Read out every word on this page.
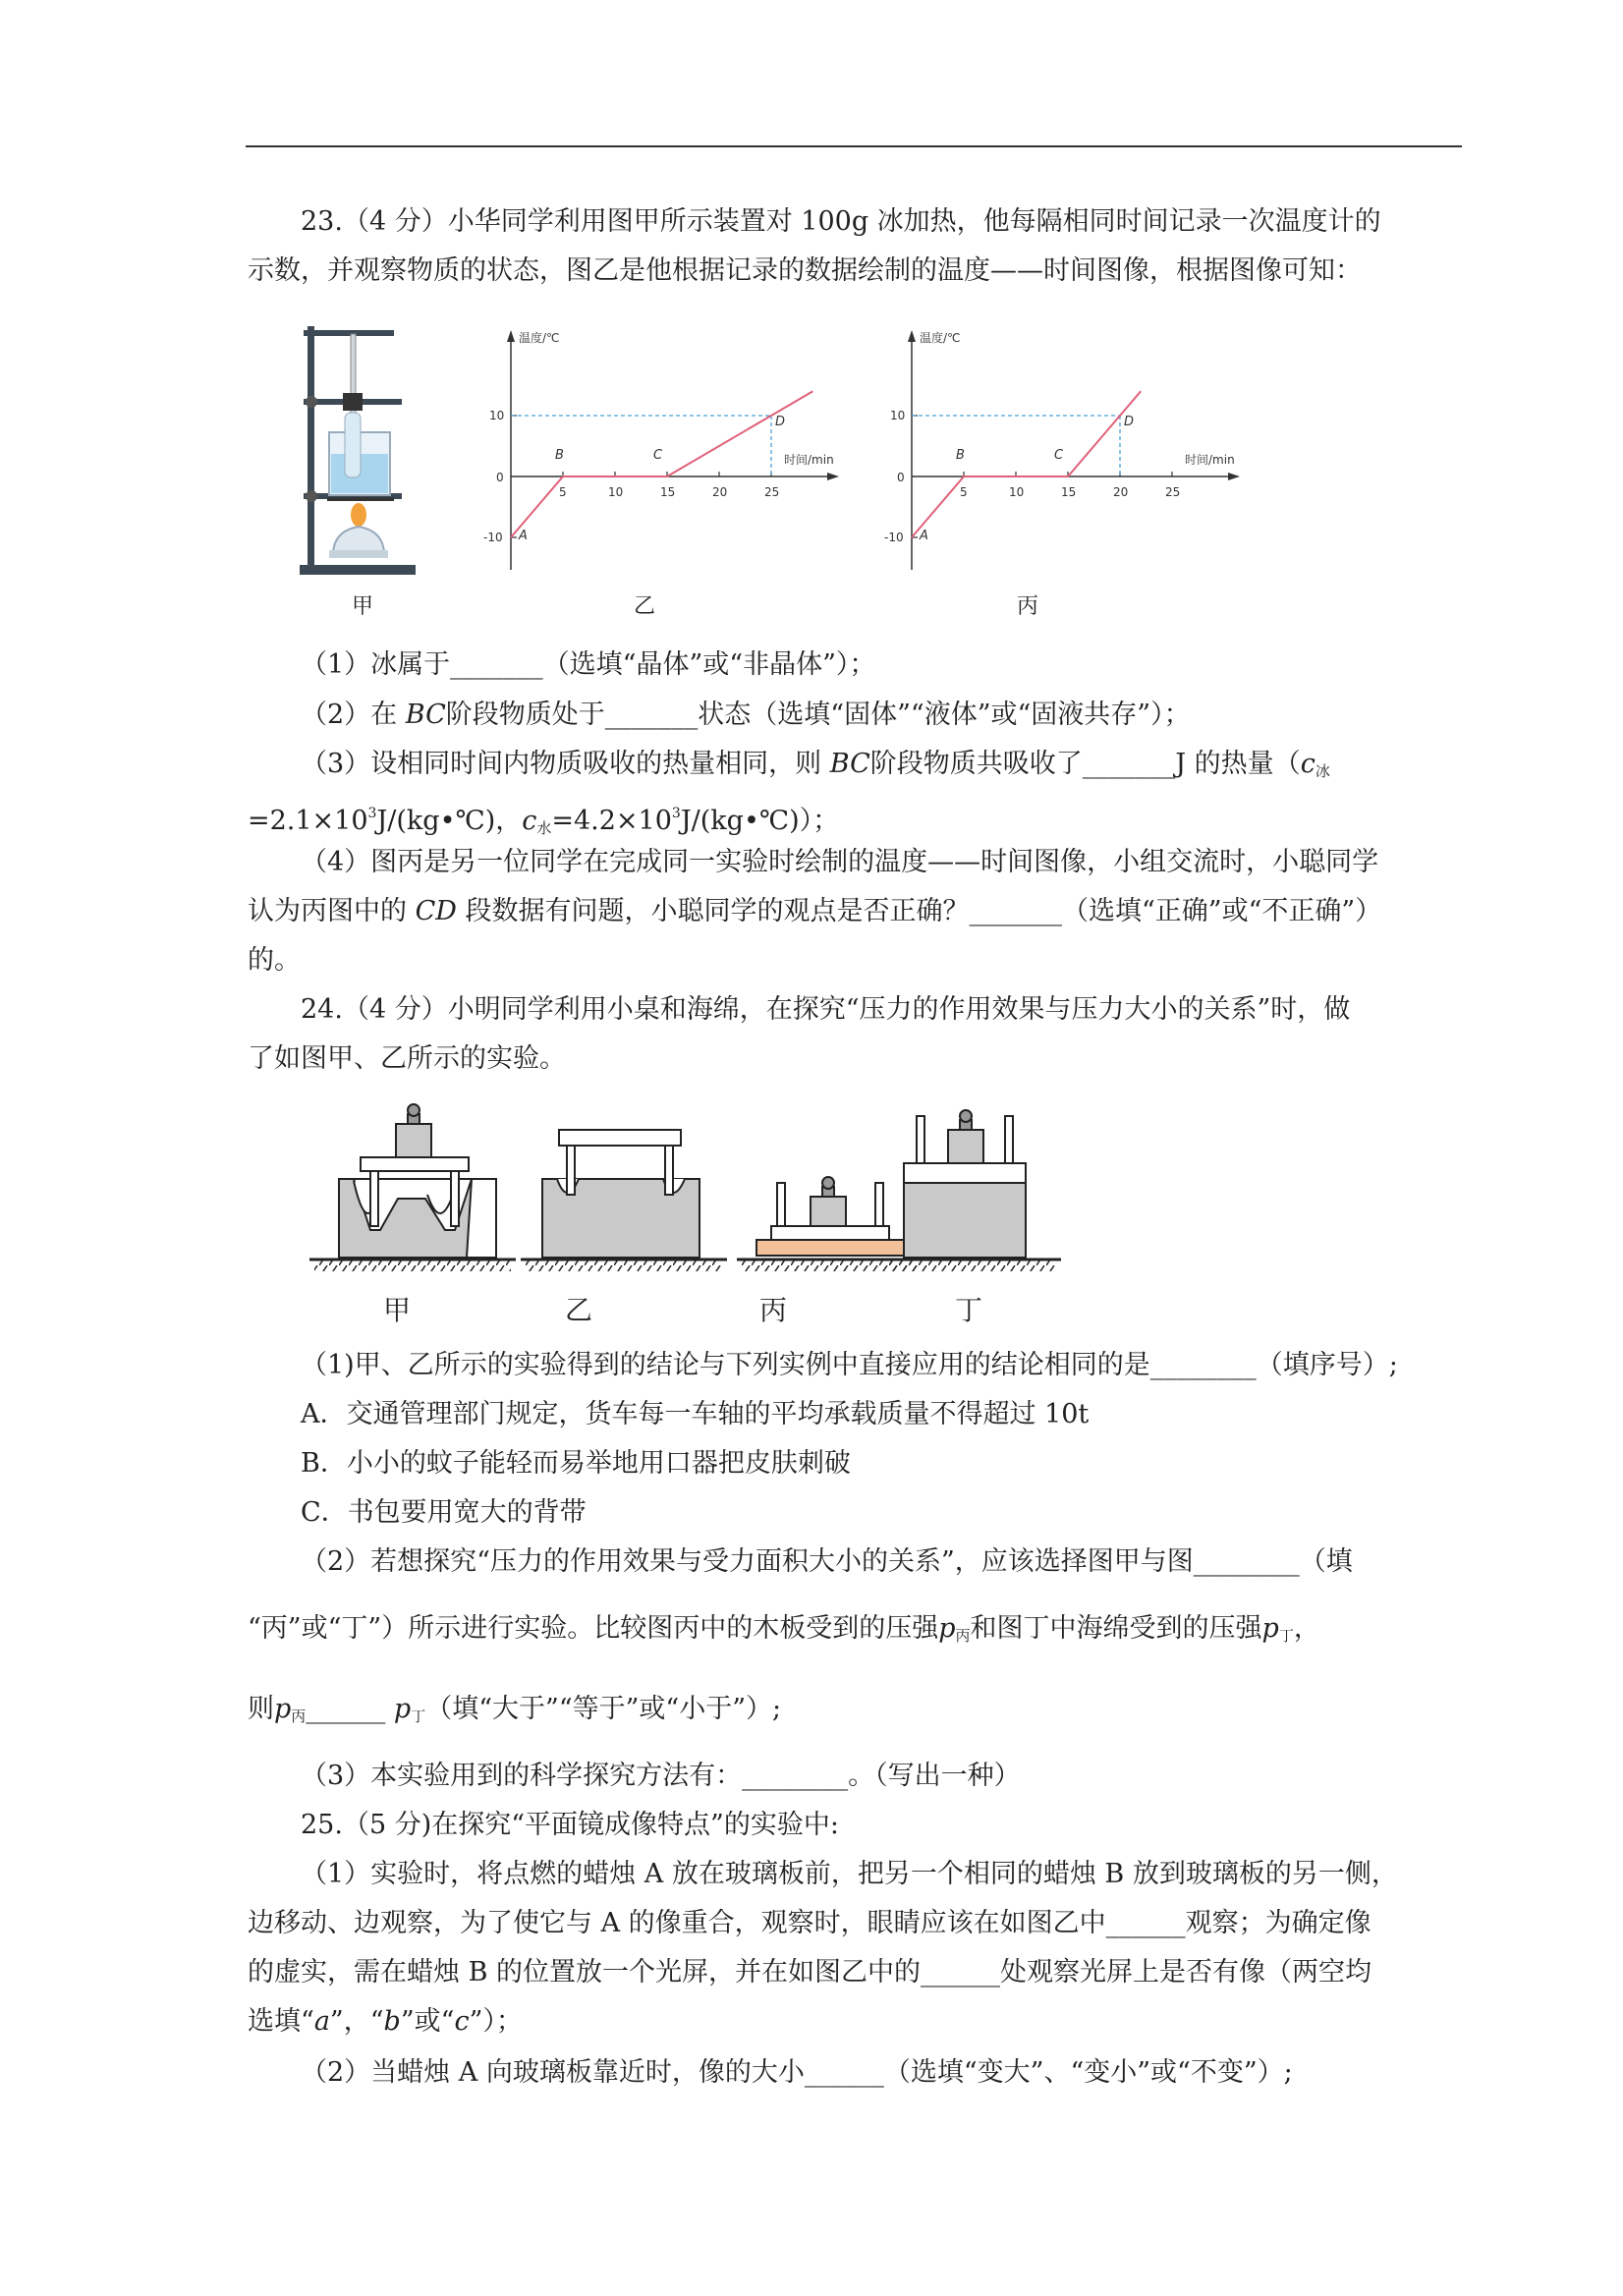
23.（4 分）小华同学利用图甲所示装置对 100g 冰加热，他每隔相同时间记录一次温度计的
示数，并观察物质的状态，图乙是他根据记录的数据绘制的温度——时间图像，根据图像可知：
甲
温度/℃
时间/min
0
5	10	15	20	25
10
-10 A
B	C
D
乙
温度/℃
时间/min
0
5	10	15	20	25
10
-10 A
B	C
D
丙
（1）冰属于_______（选填“晶体”或“非晶体”）；
（2）在 BC阶段物质处于_______状态（选填“固体”“液体”或“固液共存”）；
（3）设相同时间内物质吸收的热量相同，则 BC阶段物质共吸收了_______J 的热量（$c_冰$
$=2.1\times 10^3J/(kg•℃)$，$c_水=4.2\times 10^3J/(kg•℃)$）；
（4）图丙是另一位同学在完成同一实验时绘制的温度——时间图像，小组交流时，小聪同学
认为丙图中的 CD 段数据有问题，小聪同学的观点是否正确？_______（选填“正确”或“不正确”）
的。
24.（4 分）小明同学利用小桌和海绵，在探究“压力的作用效果与压力大小的关系”时，做
了如图甲、乙所示的实验。
甲	乙	丙	丁
（1)甲、乙所示的实验得到的结论与下列实例中直接应用的结论相同的是________（填序号）;
A．交通管理部门规定，货车每一车轴的平均承载质量不得超过 10t
B．小小的蚊子能轻而易举地用口器把皮肤刺破
C．书包要用宽大的背带
（2）若想探究“压力的作用效果与受力面积大小的关系”，应该选择图甲与图________（填
“丙”或“丁”）所示进行实验。比较图丙中的木板受到的压强$p_丙$和图丁中海绵受到的压强$p_丁$，
则$p_丙\_\_\_\_\_\_$ $p_丁$（填“大于”“等于”或“小于”）;
（3）本实验用到的科学探究方法有：________。（写出一种）
25.（5 分)在探究“平面镜成像特点”的实验中:
（1）实验时，将点燃的蜡烛 A 放在玻璃板前，把另一个相同的蜡烛 B 放到玻璃板的另一侧，
边移动、边观察，为了使它与 A 的像重合，观察时，眼睛应该在如图乙中______观察；为确定像
的虚实，需在蜡烛 B 的位置放一个光屏，并在如图乙中的______处观察光屏上是否有像（两空均
选填“a”，“b”或“c”）；
（2）当蜡烛 A 向玻璃板靠近时，像的大小______（选填“变大”、“变小”或“不变”）;
